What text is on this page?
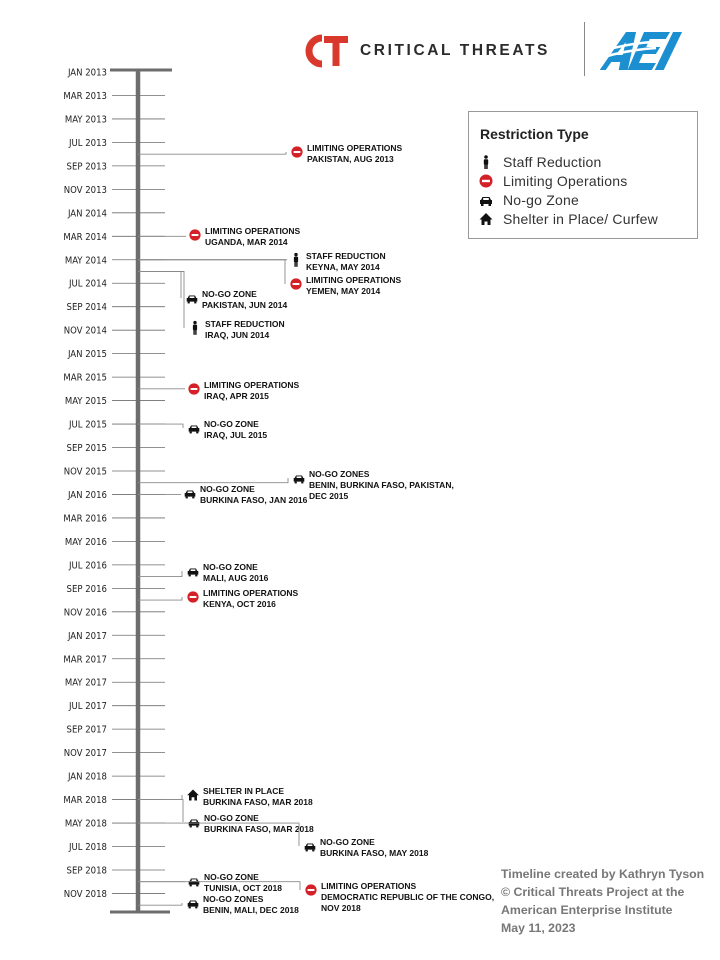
CRITICAL THREATS
JAN 2013
MAR 2013
MAY 2013
JUL 2013
SEP 2013
NOV 2013
JAN 2014
MAR 2014
MAY 2014
JUL 2014
SEP 2014
NOV 2014
JAN 2015
MAR 2015
MAY 2015
JUL 2015
SEP 2015
NOV 2015
JAN 2016
MAR 2016
MAY 2016
JUL 2016
SEP 2016
NOV 2016
JAN 2017
MAR 2017
MAY 2017
JUL 2017
SEP 2017
NOV 2017
JAN 2018
MAR 2018
MAY 2018
JUL 2018
SEP 2018
NOV 2018
LIMITING OPERATIONS
PAKISTAN, AUG 2013
LIMITING OPERATIONS
UGANDA, MAR 2014
STAFF REDUCTION
KEYNA, MAY 2014
LIMITING OPERATIONS
YEMEN, MAY 2014
NO-GO ZONE
PAKISTAN, JUN 2014
STAFF REDUCTION
IRAQ, JUN 2014
LIMITING OPERATIONS
IRAQ, APR 2015
NO-GO ZONE
IRAQ, JUL 2015
NO-GO ZONES
BENIN, BURKINA FASO, PAKISTAN,
DEC 2015
NO-GO ZONE
BURKINA FASO, JAN 2016
NO-GO ZONE
MALI, AUG 2016
LIMITING OPERATIONS
KENYA, OCT 2016
SHELTER IN PLACE
BURKINA FASO, MAR 2018
NO-GO ZONE
BURKINA FASO, MAR 2018
NO-GO ZONE
BURKINA FASO, MAY 2018
NO-GO ZONE
TUNISIA, OCT 2018	LIMITING OPERATIONS
DEMOCRATIC REPUBLIC OF THE CONGO,
NOV 2018
NO-GO ZONES
BENIN, MALI, DEC 2018
Restriction Type
Staff Reduction
Limiting Operations
No-go Zone
Shelter in Place/ Curfew
Timeline created by Kathryn Tyson
© Critical Threats Project at the
American Enterprise Institute
May 11, 2023
